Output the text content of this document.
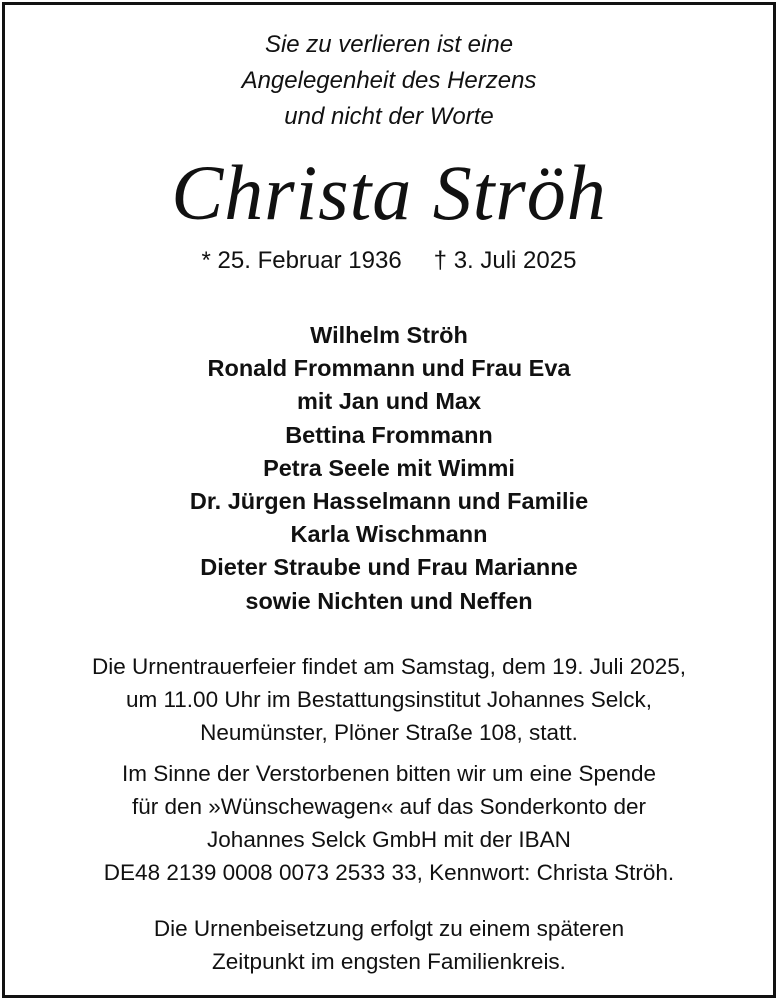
Sie zu verlieren ist eine
Angelegenheit des Herzens
und nicht der Worte
Christa Ströh
* 25. Februar 1936 † 3. Juli 2025
Wilhelm Ströh
Ronald Frommann und Frau Eva
mit Jan und Max
Bettina Frommann
Petra Seele mit Wimmi
Dr. Jürgen Hasselmann und Familie
Karla Wischmann
Dieter Straube und Frau Marianne
sowie Nichten und Neffen
Die Urnentrauerfeier findet am Samstag, dem 19. Juli 2025,
um 11.00 Uhr im Bestattungsinstitut Johannes Selck,
Neumünster, Plöner Straße 108, statt.
Im Sinne der Verstorbenen bitten wir um eine Spende
für den »Wünschewagen« auf das Sonderkonto der
Johannes Selck GmbH mit der IBAN
DE48 2139 0008 0073 2533 33, Kennwort: Christa Ströh.
Die Urnenbeisetzung erfolgt zu einem späteren
Zeitpunkt im engsten Familienkreis.
